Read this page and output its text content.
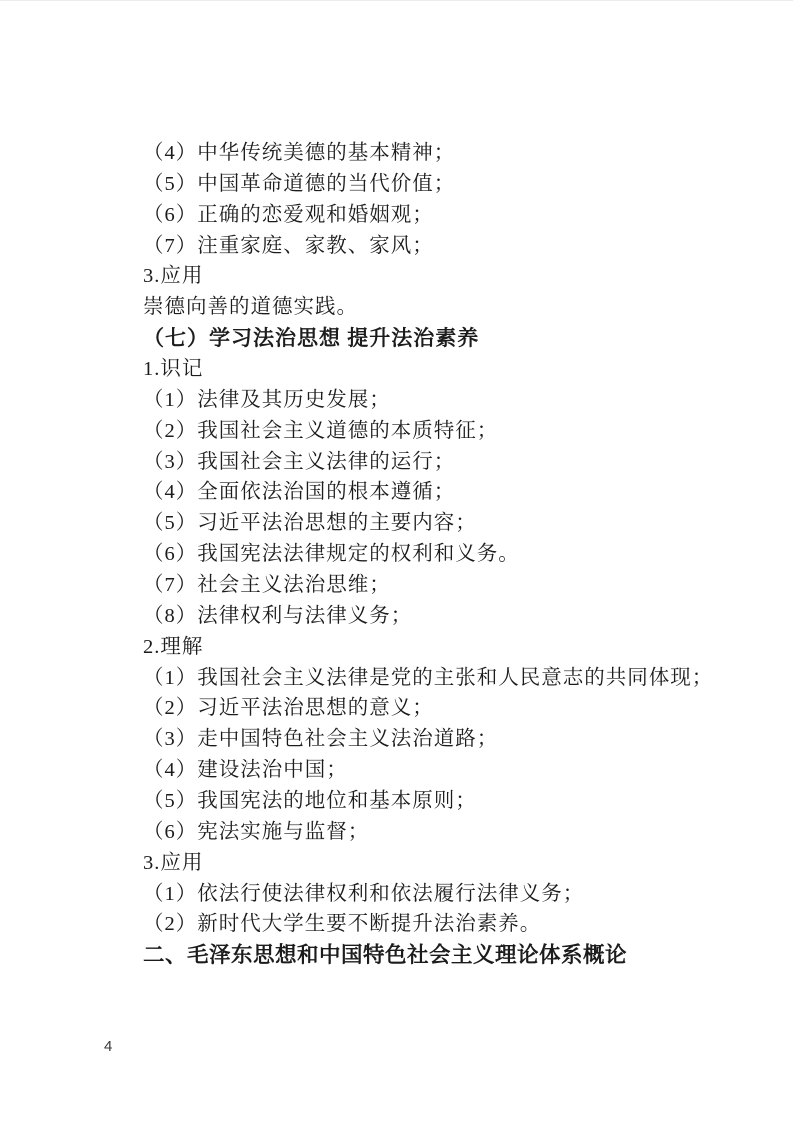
（4）中华传统美德的基本精神；
（5）中国革命道德的当代价值；
（6）正确的恋爱观和婚姻观；
（7）注重家庭、家教、家风；
3.应用
崇德向善的道德实践。
（七）学习法治思想 提升法治素养
1.识记
（1）法律及其历史发展；
（2）我国社会主义道德的本质特征；
（3）我国社会主义法律的运行；
（4）全面依法治国的根本遵循；
（5）习近平法治思想的主要内容；
（6）我国宪法法律规定的权利和义务。
（7）社会主义法治思维；
（8）法律权利与法律义务；
2.理解
（1）我国社会主义法律是党的主张和人民意志的共同体现；
（2）习近平法治思想的意义；
（3）走中国特色社会主义法治道路；
（4）建设法治中国；
（5）我国宪法的地位和基本原则；
（6）宪法实施与监督；
3.应用
（1）依法行使法律权利和依法履行法律义务；
（2）新时代大学生要不断提升法治素养。
二、毛泽东思想和中国特色社会主义理论体系概论
4
